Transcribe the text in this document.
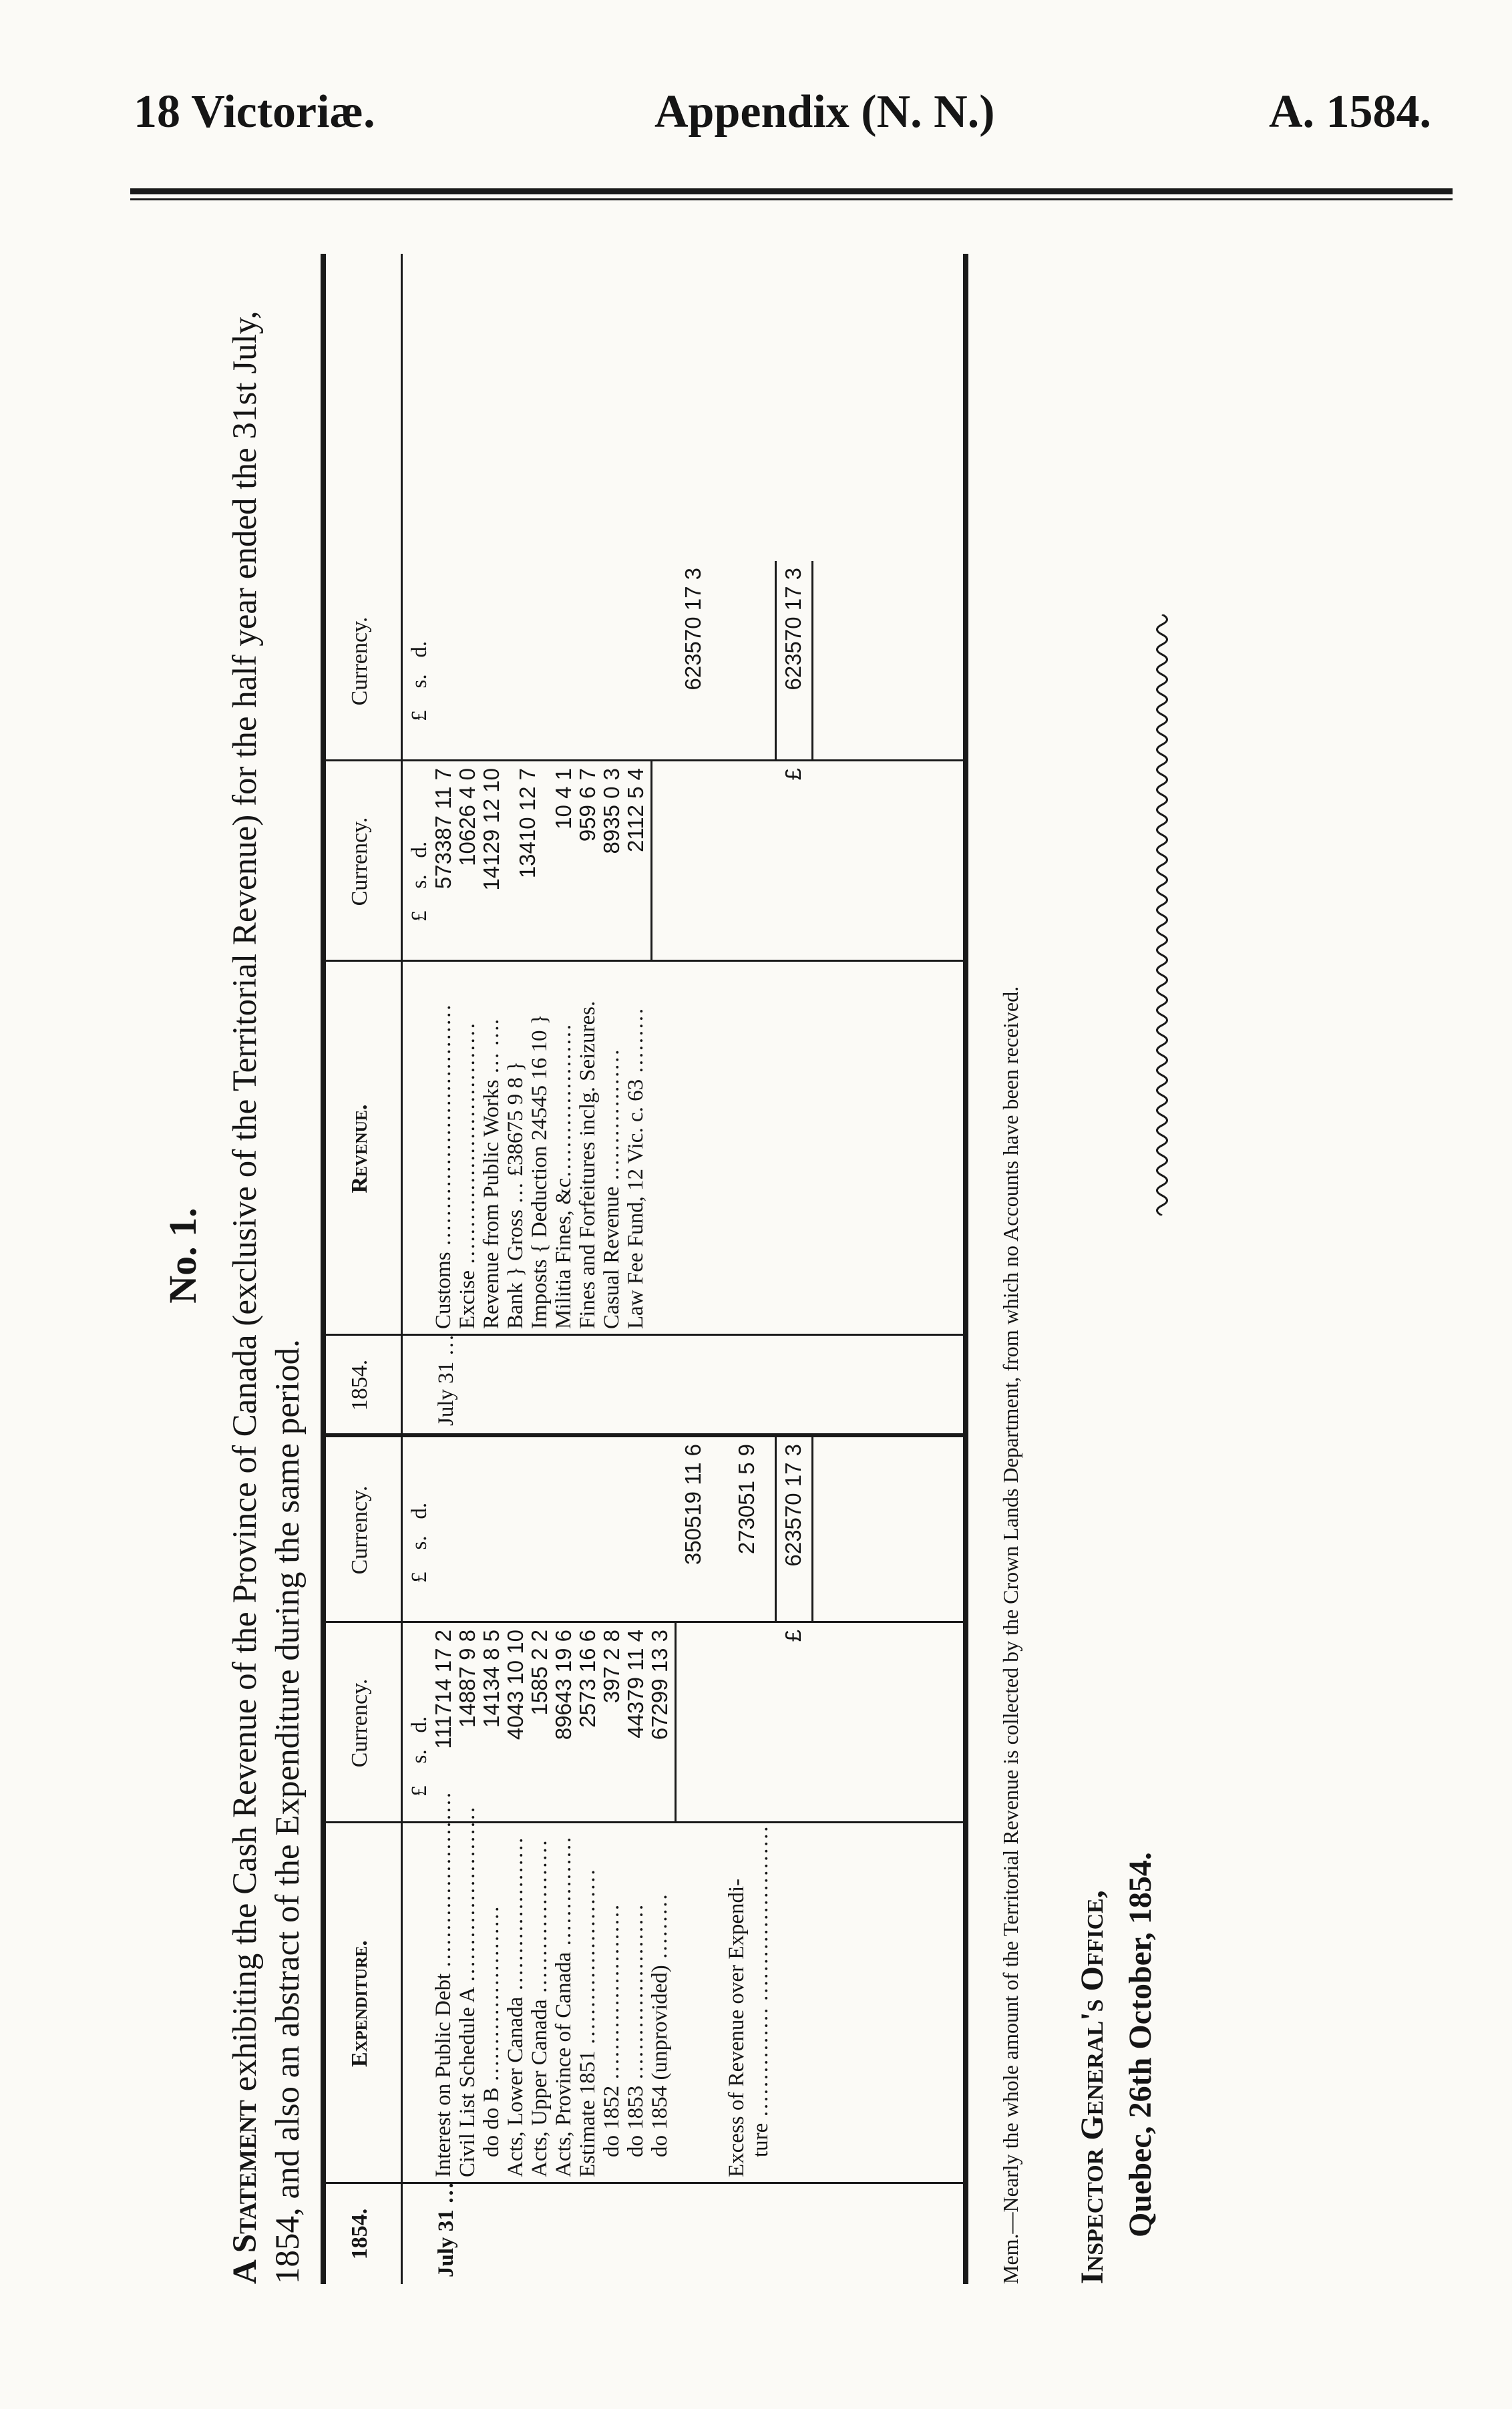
18 Victoriæ.	Appendix (N. N.)	A. 1584.
No. 1.
A Statement exhibiting the Cash Revenue of the Province of Canada (exclusive of the Territorial Revenue) for the half year ended the 31st July, 1854, and also an abstract of the Expenditure during the same period. 1854.
Expenditure.
Currency.
Currency.
1854.
Revenue.
Currency.
Currency.
£    s.   d.
£    s.   d.
£    s.   d.
£    s.   d.
July 31 …
July 31 …
Interest on Public Debt …………………… Civil List Schedule A …………………… do do B …………………… Acts, Lower Canada ………………… Acts, Upper Canada ………………… Acts, Province of Canada …………… Estimate 1851 …………………… do 1852 …………………… do 1853 …………………… do 1854 (unprovided) ………
111714 17 2 14887 9 8 14134 8 5 4043 10 10 1585 2 2 89643 19 6 2573 16 6 397 2 8 44379 11 4 67299 13 3
350519 11 6
Excess of Revenue over Expendi- ture …………… ……………………
273051 5 9
£
623570 17 3
Customs …………………………… Excise …………………………… Revenue from Public Works … …. Bank } Gross … £38675 9 8 } Imposts { Deduction 24545 16 10 } Militia Fines, &c………………… Fines and Forfeitures inclg. Seizures. Casual Revenue ……………… Law Fee Fund, 12 Vic. c. 63 ………
573387 11 7 10626 4 0 14129 12 10 13410 12 7 10 4 1 959 6 7 8935 0 3 2112 5 4
623570 17 3
£
623570 17 3
Mem.—Nearly the whole amount of the Territorial Revenue is collected by the Crown Lands Department, from which no Accounts have been received. Inspector General's Office, Quebec, 26th October, 1854.
